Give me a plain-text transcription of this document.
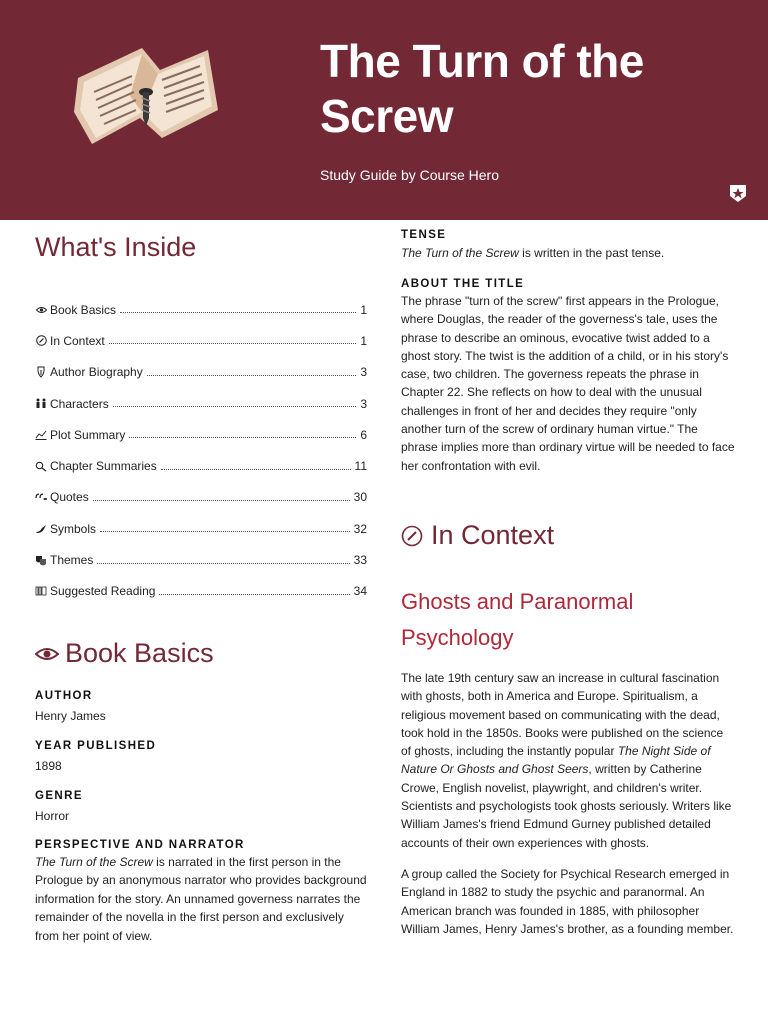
The Turn of the Screw
Study Guide by Course Hero
What's Inside
Book Basics	1
In Context	1
Author Biography	3
Characters	3
Plot Summary	6
Chapter Summaries	11
Quotes	30
Symbols	32
Themes	33
Suggested Reading	34
Book Basics
AUTHOR
Henry James
YEAR PUBLISHED
1898
GENRE
Horror
PERSPECTIVE AND NARRATOR
The Turn of the Screw is narrated in the first person in the Prologue by an anonymous narrator who provides background information for the story. An unnamed governess narrates the remainder of the novella in the first person and exclusively from her point of view.
TENSE
The Turn of the Screw is written in the past tense.
ABOUT THE TITLE
The phrase "turn of the screw" first appears in the Prologue, where Douglas, the reader of the governess's tale, uses the phrase to describe an ominous, evocative twist added to a ghost story. The twist is the addition of a child, or in his story's case, two children. The governess repeats the phrase in Chapter 22. She reflects on how to deal with the unusual challenges in front of her and decides they require "only another turn of the screw of ordinary human virtue." The phrase implies more than ordinary virtue will be needed to face her confrontation with evil.
In Context
Ghosts and Paranormal Psychology

The late 19th century saw an increase in cultural fascination with ghosts, both in America and Europe. Spiritualism, a religious movement based on communicating with the dead, took hold in the 1850s. Books were published on the science of ghosts, including the instantly popular The Night Side of Nature Or Ghosts and Ghost Seers, written by Catherine Crowe, English novelist, playwright, and children's writer. Scientists and psychologists took ghosts seriously. Writers like William James's friend Edmund Gurney published detailed accounts of their own experiences with ghosts.

A group called the Society for Psychical Research emerged in England in 1882 to study the psychic and paranormal. An American branch was founded in 1885, with philosopher William James, Henry James's brother, as a founding member.
